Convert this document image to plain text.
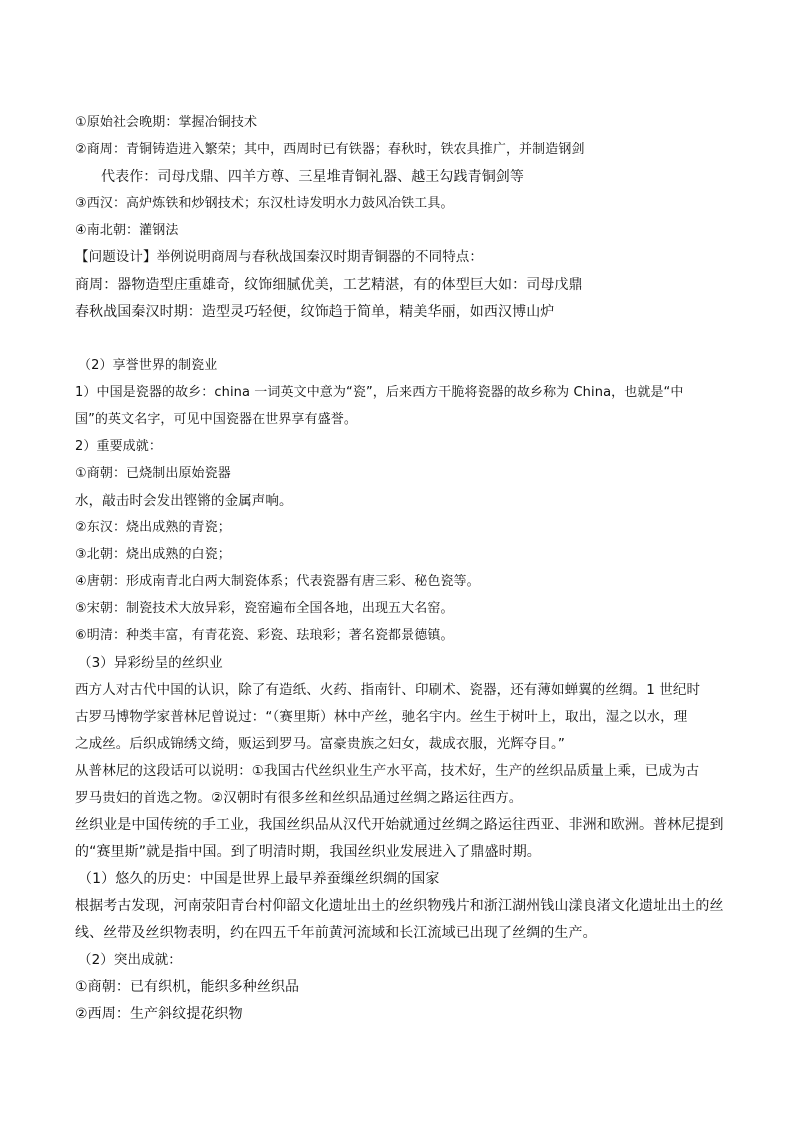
①原始社会晚期：掌握冶铜技术
②商周：青铜铸造进入繁荣；其中，西周时已有铁器；春秋时，铁农具推广，并制造钢剑
代表作：司母戊鼎、四羊方尊、三星堆青铜礼器、越王勾践青铜剑等
③西汉：高炉炼铁和炒钢技术；东汉杜诗发明水力鼓风冶铁工具。
④南北朝：灌钢法
【问题设计】举例说明商周与春秋战国秦汉时期青铜器的不同特点：
商周：器物造型庄重雄奇，纹饰细腻优美，工艺精湛，有的体型巨大如：司母戊鼎
春秋战国秦汉时期：造型灵巧轻便，纹饰趋于简单，精美华丽，如西汉博山炉
（2）享誉世界的制瓷业
1）中国是瓷器的故乡：china 一词英文中意为“瓷”，后来西方干脆将瓷器的故乡称为 China，也就是“中
国”的英文名字，可见中国瓷器在世界享有盛誉。
2）重要成就：
①商朝：已烧制出原始瓷器
水，敲击时会发出铿锵的金属声响。
②东汉：烧出成熟的青瓷；
③北朝：烧出成熟的白瓷；
④唐朝：形成南青北白两大制瓷体系；代表瓷器有唐三彩、秘色瓷等。
⑤宋朝：制瓷技术大放异彩，瓷窑遍布全国各地，出现五大名窑。
⑥明清：种类丰富，有青花瓷、彩瓷、珐琅彩；著名瓷都景德镇。
（3）异彩纷呈的丝织业
西方人对古代中国的认识，除了有造纸、火药、指南针、印刷术、瓷器，还有薄如蝉翼的丝绸。1 世纪时
古罗马博物学家普林尼曾说过：“（赛里斯）林中产丝，驰名宇内。丝生于树叶上，取出，湿之以水，理
之成丝。后织成锦绣文绮，贩运到罗马。富豪贵族之妇女，裁成衣服，光辉夺目。”
从普林尼的这段话可以说明：①我国古代丝织业生产水平高，技术好，生产的丝织品质量上乘，已成为古
罗马贵妇的首选之物。②汉朝时有很多丝和丝织品通过丝绸之路运往西方。
丝织业是中国传统的手工业，我国丝织品从汉代开始就通过丝绸之路运往西亚、非洲和欧洲。普林尼提到
的“赛里斯”就是指中国。到了明清时期，我国丝织业发展进入了鼎盛时期。
（1）悠久的历史：中国是世界上最早养蚕缫丝织绸的国家
根据考古发现，河南荥阳青台村仰韶文化遗址出土的丝织物残片和浙江湖州钱山漾良渚文化遗址出土的丝
线、丝带及丝织物表明，约在四五千年前黄河流域和长江流域已出现了丝绸的生产。
（2）突出成就：
①商朝：已有织机，能织多种丝织品
②西周：生产斜纹提花织物
